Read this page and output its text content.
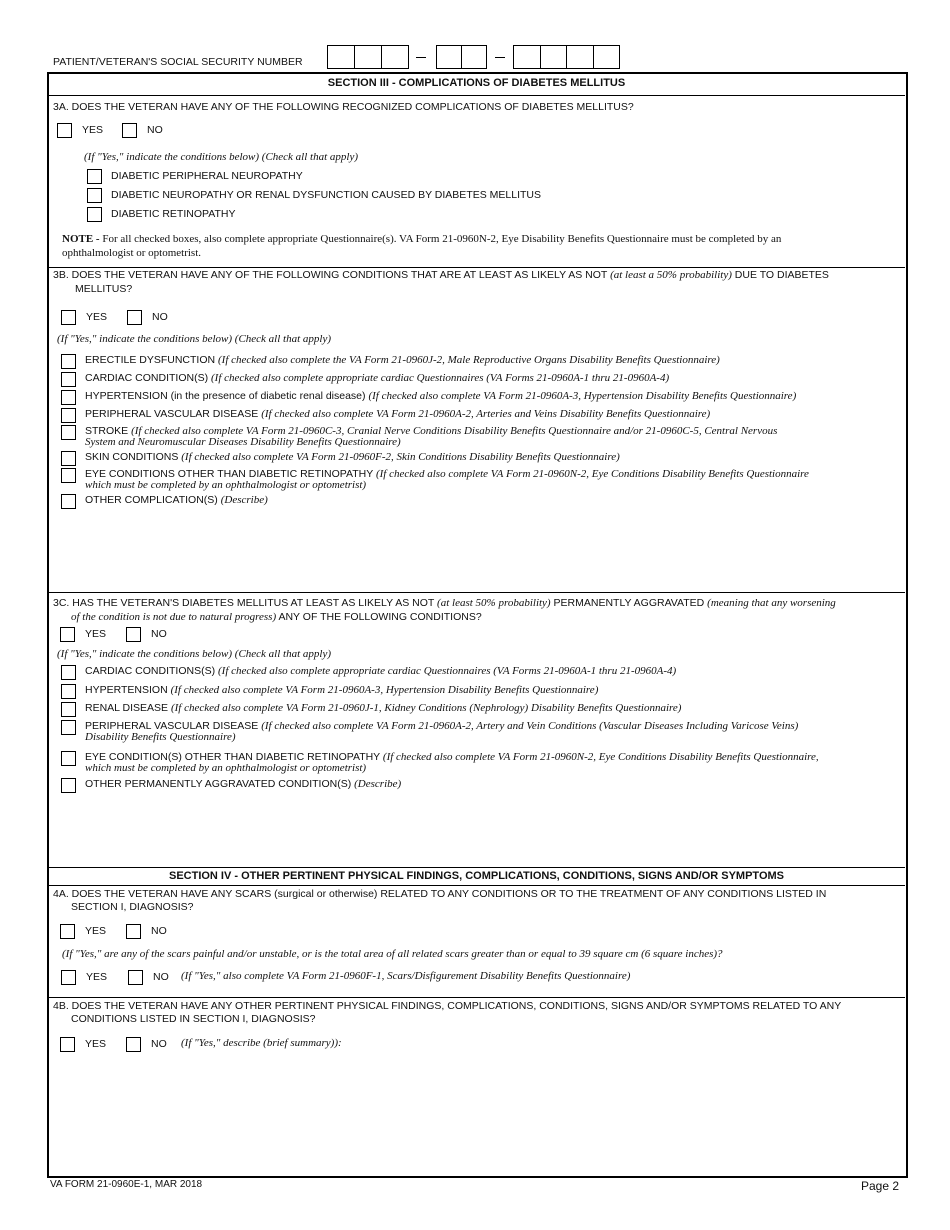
PATIENT/VETERAN'S SOCIAL SECURITY NUMBER
SECTION III - COMPLICATIONS OF DIABETES MELLITUS
3A. DOES THE VETERAN HAVE ANY OF THE FOLLOWING RECOGNIZED COMPLICATIONS OF DIABETES MELLITUS?
YES	NO
(If "Yes," indicate the conditions below) (Check all that apply)
DIABETIC PERIPHERAL NEUROPATHY
DIABETIC NEUROPATHY OR RENAL DYSFUNCTION CAUSED BY DIABETES MELLITUS
DIABETIC RETINOPATHY
NOTE - For all checked boxes, also complete appropriate Questionnaire(s). VA Form 21-0960N-2, Eye Disability Benefits Questionnaire must be completed by an
ophthalmologist or optometrist.
3B. DOES THE VETERAN HAVE ANY OF THE FOLLOWING CONDITIONS THAT ARE AT LEAST AS LIKELY AS NOT (at least a 50% probability) DUE TO DIABETES
MELLITUS?
YES	NO
(If "Yes," indicate the conditions below) (Check all that apply)
ERECTILE DYSFUNCTION (If checked also complete the VA Form 21-0960J-2, Male Reproductive Organs Disability Benefits Questionnaire)
CARDIAC CONDITION(S) (If checked also complete appropriate cardiac Questionnaires (VA Forms 21-0960A-1 thru 21-0960A-4)
HYPERTENSION (in the presence of diabetic renal disease) (If checked also complete VA Form 21-0960A-3, Hypertension Disability Benefits Questionnaire)
PERIPHERAL VASCULAR DISEASE (If checked also complete VA Form 21-0960A-2, Arteries and Veins Disability Benefits Questionnaire)
STROKE (If checked also complete VA Form 21-0960C-3, Cranial Nerve Conditions Disability Benefits Questionnaire and/or 21-0960C-5, Central Nervous
System and Neuromuscular Diseases Disability Benefits Questionnaire)
SKIN CONDITIONS (If checked also complete VA Form 21-0960F-2, Skin Conditions Disability Benefits Questionnaire)
EYE CONDITIONS OTHER THAN DIABETIC RETINOPATHY (If checked also complete VA Form 21-0960N-2, Eye Conditions Disability Benefits Questionnaire
which must be completed by an ophthalmologist or optometrist)
OTHER COMPLICATION(S) (Describe)
3C. HAS THE VETERAN'S DIABETES MELLITUS AT LEAST AS LIKELY AS NOT (at least 50% probability) PERMANENTLY AGGRAVATED (meaning that any worsening
of the condition is not due to natural progress) ANY OF THE FOLLOWING CONDITIONS?
YES	NO
(If "Yes," indicate the conditions below) (Check all that apply)
CARDIAC CONDITIONS(S) (If checked also complete appropriate cardiac Questionnaires (VA Forms 21-0960A-1 thru 21-0960A-4)
HYPERTENSION (If checked also complete VA Form 21-0960A-3, Hypertension Disability Benefits Questionnaire)
RENAL DISEASE (If checked also complete VA Form 21-0960J-1, Kidney Conditions (Nephrology) Disability Benefits Questionnaire)
PERIPHERAL VASCULAR DISEASE (If checked also complete VA Form 21-0960A-2, Artery and Vein Conditions (Vascular Diseases Including Varicose Veins)
Disability Benefits Questionnaire)
EYE CONDITION(S) OTHER THAN DIABETIC RETINOPATHY (If checked also complete VA Form 21-0960N-2, Eye Conditions Disability Benefits Questionnaire,
which must be completed by an ophthalmologist or optometrist)
OTHER PERMANENTLY AGGRAVATED CONDITION(S) (Describe)
SECTION IV - OTHER PERTINENT PHYSICAL FINDINGS, COMPLICATIONS, CONDITIONS, SIGNS AND/OR SYMPTOMS
4A. DOES THE VETERAN HAVE ANY SCARS (surgical or otherwise) RELATED TO ANY CONDITIONS OR TO THE TREATMENT OF ANY CONDITIONS LISTED IN
SECTION I, DIAGNOSIS?
YES	NO
(If "Yes," are any of the scars painful and/or unstable, or is the total area of all related scars greater than or equal to 39 square cm (6 square inches)?
YES	NO (If "Yes," also complete VA Form 21-0960F-1, Scars/Disfigurement Disability Benefits Questionnaire)
4B. DOES THE VETERAN HAVE ANY OTHER PERTINENT PHYSICAL FINDINGS, COMPLICATIONS, CONDITIONS, SIGNS AND/OR SYMPTOMS RELATED TO ANY
CONDITIONS LISTED IN SECTION I, DIAGNOSIS?
YES	NO (If "Yes," describe (brief summary)):
VA FORM 21-0960E-1, MAR 2018	Page 2
